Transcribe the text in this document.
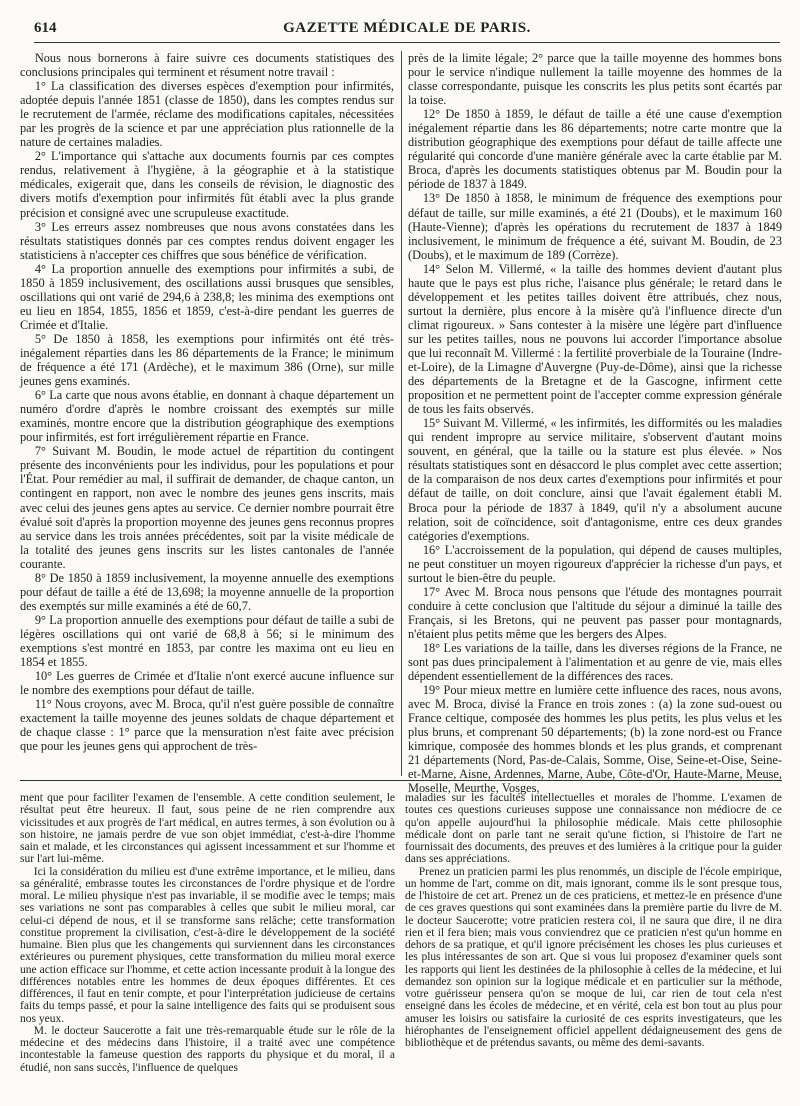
614	GAZETTE MÉDICALE DE PARIS.

Nous nous bornerons à faire suivre ces documents statistiques des conclusions principales qui terminent et résument notre travail :

1° La classification des diverses espèces d'exemption pour infirmités, adoptée depuis l'année 1851 (classe de 1850), dans les comptes rendus sur le recrutement de l'armée, réclame des modifications capitales, nécessitées par les progrès de la science et par une appréciation plus rationnelle de la nature de certaines maladies.

2° L'importance qui s'attache aux documents fournis par ces comptes rendus, relativement à l'hygiène, à la géographie et à la statistique médicales, exigerait que, dans les conseils de révision, le diagnostic des divers motifs d'exemption pour infirmités fût établi avec la plus grande précision et consigné avec une scrupuleuse exactitude.

3° Les erreurs assez nombreuses que nous avons constatées dans les résultats statistiques donnés par ces comptes rendus doivent engager les statisticiens à n'accepter ces chiffres que sous bénéfice de vérification.

4° La proportion annuelle des exemptions pour infirmités a subi, de 1850 à 1859 inclusivement, des oscillations aussi brusques que sensibles, oscillations qui ont varié de 294,6 à 238,8; les minima des exemptions ont eu lieu en 1854, 1855, 1856 et 1859, c'est-à-dire pendant les guerres de Crimée et d'Italie.

5° De 1850 à 1858, les exemptions pour infirmités ont été très-inégalement réparties dans les 86 départements de la France; le minimum de fréquence a été 171 (Ardèche), et le maximum 386 (Orne), sur mille jeunes gens examinés.

6° La carte que nous avons établie, en donnant à chaque département un numéro d'ordre d'après le nombre croissant des exemptés sur mille examinés, montre encore que la distribution géographique des exemptions pour infirmités, est fort irrégulièrement répartie en France.

7° Suivant M. Boudin, le mode actuel de répartition du contingent présente des inconvénients pour les individus, pour les populations et pour l'État. Pour remédier au mal, il suffirait de demander, de chaque canton, un contingent en rapport, non avec le nombre des jeunes gens inscrits, mais avec celui des jeunes gens aptes au service. Ce dernier nombre pourrait être évalué soit d'après la proportion moyenne des jeunes gens reconnus propres au service dans les trois années précédentes, soit par la visite médicale de la totalité des jeunes gens inscrits sur les listes cantonales de l'année courante.

8° De 1850 à 1859 inclusivement, la moyenne annuelle des exemptions pour défaut de taille a été de 13,698; la moyenne annuelle de la proportion des exemptés sur mille examinés a été de 60,7.

9° La proportion annuelle des exemptions pour défaut de taille a subi de légères oscillations qui ont varié de 68,8 à 56; si le minimum des exemptions s'est montré en 1853, par contre les maxima ont eu lieu en 1854 et 1855.

10° Les guerres de Crimée et d'Italie n'ont exercé aucune influence sur le nombre des exemptions pour défaut de taille.

11° Nous croyons, avec M. Broca, qu'il n'est guère possible de connaître exactement la taille moyenne des jeunes soldats de chaque département et de chaque classe : 1° parce que la mensuration n'est faite avec précision que pour les jeunes gens qui approchent de très-

près de la limite légale; 2° parce que la taille moyenne des hommes bons pour le service n'indique nullement la taille moyenne des hommes de la classe correspondante, puisque les conscrits les plus petits sont écartés par la toise.

12° De 1850 à 1859, le défaut de taille a été une cause d'exemption inégalement répartie dans les 86 départements; notre carte montre que la distribution géographique des exemptions pour défaut de taille affecte une régularité qui concorde d'une manière générale avec la carte établie par M. Broca, d'après les documents statistiques obtenus par M. Boudin pour la période de 1837 à 1849.

13° De 1850 à 1858, le minimum de fréquence des exemptions pour défaut de taille, sur mille examinés, a été 21 (Doubs), et le maximum 160 (Haute-Vienne); d'après les opérations du recrutement de 1837 à 1849 inclusivement, le minimum de fréquence a été, suivant M. Boudin, de 23 (Doubs), et le maximum de 189 (Corrèze).

14° Selon M. Villermé, « la taille des hommes devient d'autant plus haute que le pays est plus riche, l'aisance plus générale; le retard dans le développement et les petites tailles doivent être attribués, chez nous, surtout la dernière, plus encore à la misère qu'à l'influence directe d'un climat rigoureux. » Sans contester à la misère une légère part d'influence sur les petites tailles, nous ne pouvons lui accorder l'importance absolue que lui reconnaît M. Villermé : la fertilité proverbiale de la Touraine (Indre-et-Loire), de la Limagne d'Auvergne (Puy-de-Dôme), ainsi que la richesse des départements de la Bretagne et de la Gascogne, infirment cette proposition et ne permettent point de l'accepter comme expression générale de tous les faits observés.

15° Suivant M. Villermé, « les infirmités, les difformités ou les maladies qui rendent impropre au service militaire, s'observent d'autant moins souvent, en général, que la taille ou la stature est plus élevée. » Nos résultats statistiques sont en désaccord le plus complet avec cette assertion; de la comparaison de nos deux cartes d'exemptions pour infirmités et pour défaut de taille, on doit conclure, ainsi que l'avait également établi M. Broca pour la période de 1837 à 1849, qu'il n'y a absolument aucune relation, soit de coïncidence, soit d'antagonisme, entre ces deux grandes catégories d'exemptions.

16° L'accroissement de la population, qui dépend de causes multiples, ne peut constituer un moyen rigoureux d'apprécier la richesse d'un pays, et surtout le bien-être du peuple.

17° Avec M. Broca nous pensons que l'étude des montagnes pourrait conduire à cette conclusion que l'altitude du séjour a diminué la taille des Français, si les Bretons, qui ne peuvent pas passer pour montagnards, n'étaient plus petits même que les bergers des Alpes.

18° Les variations de la taille, dans les diverses régions de la France, ne sont pas dues principalement à l'alimentation et au genre de vie, mais elles dépendent essentiellement de la différences des races.

19° Pour mieux mettre en lumière cette influence des races, nous avons, avec M. Broca, divisé la France en trois zones : (a) la zone sud-ouest ou France celtique, composée des hommes les plus petits, les plus velus et les plus bruns, et comprenant 50 départements; (b) la zone nord-est ou France kimrique, composée des hommes blonds et les plus grands, et comprenant 21 départements (Nord, Pas-de-Calais, Somme, Oise, Seine-et-Oise, Seine-et-Marne, Aisne, Ardennes, Marne, Aube, Côte-d'Or, Haute-Marne, Meuse, Moselle, Meurthe, Vosges,

ment que pour faciliter l'examen de l'ensemble. A cette condition seulement, le résultat peut être heureux. Il faut, sous peine de ne rien comprendre aux vicissitudes et aux progrès de l'art médical, en autres termes, à son évolution ou à son histoire, ne jamais perdre de vue son objet immédiat, c'est-à-dire l'homme sain et malade, et les circonstances qui agissent incessamment et sur l'homme et sur l'art lui-même.

Ici la considération du milieu est d'une extrême importance, et le milieu, dans sa généralité, embrasse toutes les circonstances de l'ordre physique et de l'ordre moral. Le milieu physique n'est pas invariable, il se modifie avec le temps; mais ses variations ne sont pas comparables à celles que subit le milieu moral, car celui-ci dépend de nous, et il se transforme sans relâche; cette transformation constitue proprement la civilisation, c'est-à-dire le développement de la société humaine. Bien plus que les changements qui surviennent dans les circonstances extérieures ou purement physiques, cette transformation du milieu moral exerce une action efficace sur l'homme, et cette action incessante produit à la longue des différences notables entre les hommes de deux époques différentes. Et ces différences, il faut en tenir compte, et pour l'interprétation judicieuse de certains faits du temps passé, et pour la saine intelligence des faits qui se produisent sous nos yeux.

M. le docteur Saucerotte a fait une très-remarquable étude sur le rôle de la médecine et des médecins dans l'histoire, il a traité avec une compétence incontestable la fameuse question des rapports du physique et du moral, il a étudié, non sans succès, l'influence de quelques

maladies sur les facultés intellectuelles et morales de l'homme. L'examen de toutes ces questions curieuses suppose une connaissance non médiocre de ce qu'on appelle aujourd'hui la philosophie médicale. Mais cette philosophie médicale dont on parle tant ne serait qu'une fiction, si l'histoire de l'art ne fournissait des documents, des preuves et des lumières à la critique pour la guider dans ses appréciations.

Prenez un praticien parmi les plus renommés, un disciple de l'école empirique, un homme de l'art, comme on dit, mais ignorant, comme ils le sont presque tous, de l'histoire de cet art. Prenez un de ces praticiens, et mettez-le en présence d'une de ces graves questions qui sont examinées dans la première partie du livre de M. le docteur Saucerotte; votre praticien restera coi, il ne saura que dire, il ne dira rien et il fera bien; mais vous conviendrez que ce praticien n'est qu'un homme en dehors de sa pratique, et qu'il ignore précisément les choses les plus curieuses et les plus intéressantes de son art. Que si vous lui proposez d'examiner quels sont les rapports qui lient les destinées de la philosophie à celles de la médecine, et lui demandez son opinion sur la logique médicale et en particulier sur la méthode, votre guérisseur pensera qu'on se moque de lui, car rien de tout cela n'est enseigné dans les écoles de médecine, et en vérité, cela est bon tout au plus pour amuser les loisirs ou satisfaire la curiosité de ces esprits investigateurs, que les hiérophantes de l'enseignement officiel appellent dédaigneusement des gens de bibliothèque et de prétendus savants, ou même des demi-savants.
